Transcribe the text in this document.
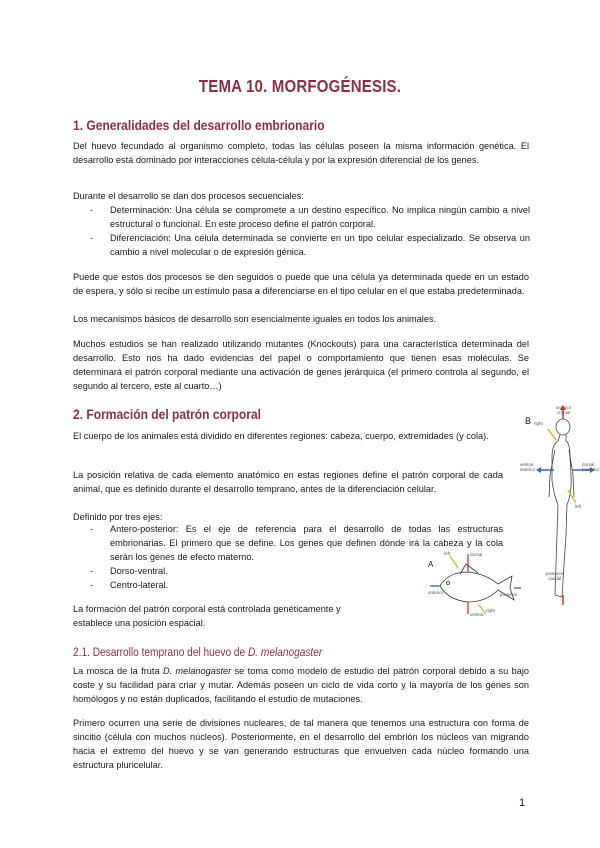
TEMA 10. MORFOGÉNESIS.
1. Generalidades del desarrollo embrionario

Del huevo fecundado al organismo completo, todas las células poseen la misma información genética. El desarrollo está dominado por interacciones célula-célula y por la expresión diferencial de los genes.

Durante el desarrollo se dan dos procesos secuenciales:

- Determinación: Una célula se compromete a un destino específico. No implica ningún cambio a nivel estructural o funcional. En este proceso define el patrón corporal.

- Diferenciación: Una célula determinada se convierte en un tipo celular especializado. Se observa un cambio a nivel molecular o de expresión génica.

Puede que estos dos procesos se den seguidos o puede que una célula ya determinada quede en un estado de espera, y sólo si recibe un estímulo pasa a diferenciarse en el tipo celular en el que estaba predeterminada.

Los mecanismos básicos de desarrollo son esencialmente iguales en todos los animales.

Muchos estudios se han realizado utilizando mutantes (Knockouts) para una característica determinada del desarrollo. Esto nos ha dado evidencias del papel o comportamiento que tienen esas moléculas. Se determinará el patrón corporal mediante una activación de genes jerárquica (el primero controla al segundo, el segundo al tercero, este al cuarto…)

2. Formación del patrón corporal

El cuerpo de los animales está dividido en diferentes regiones: cabeza, cuerpo, extremidades (y cola).

La posición relativa de cada elemento anatómico en estas regiones define el patrón corporal de cada animal, que es definido durante el desarrollo temprano, antes de la diferenciación celular.

Definido por tres ejes:

- Antero-posterior: Es el eje de referencia para el desarrollo de todas las estructuras embrionarias. El primero que se define. Los genes que definen dónde irá la cabeza y la cola serán los genes de efecto materno.

- Dorso-ventral.

- Centro-lateral.

La formación del patrón corporal está controlada genéticamente y establece una posición espacial.

B
anterior
cranial
ventral
anterior
dorsal
posterior
posterior
caudal
right
left
A
dorsal
ventral
anterior	posterior
left
right
2.1. Desarrollo temprano del huevo de D. melanogaster

La mosca de la fruta D. melanogaster se toma como modelo de estudio del patrón corporal debido a su bajo coste y su facilidad para criar y mutar. Además poseen un ciclo de vida corto y la mayoría de los genes son homólogos y no están duplicados, facilitando el estudio de mutaciones.

Primero ocurren una serie de divisiones nucleares, de tal manera que tenemos una estructura con forma de sincitio (célula con muchos núcleos). Posteriormente, en el desarrollo del embrión los núcleos van migrando hacia el extremo del huevo y se van generando estructuras que envuelven cada núcleo formando una estructura pluricelular.

1
